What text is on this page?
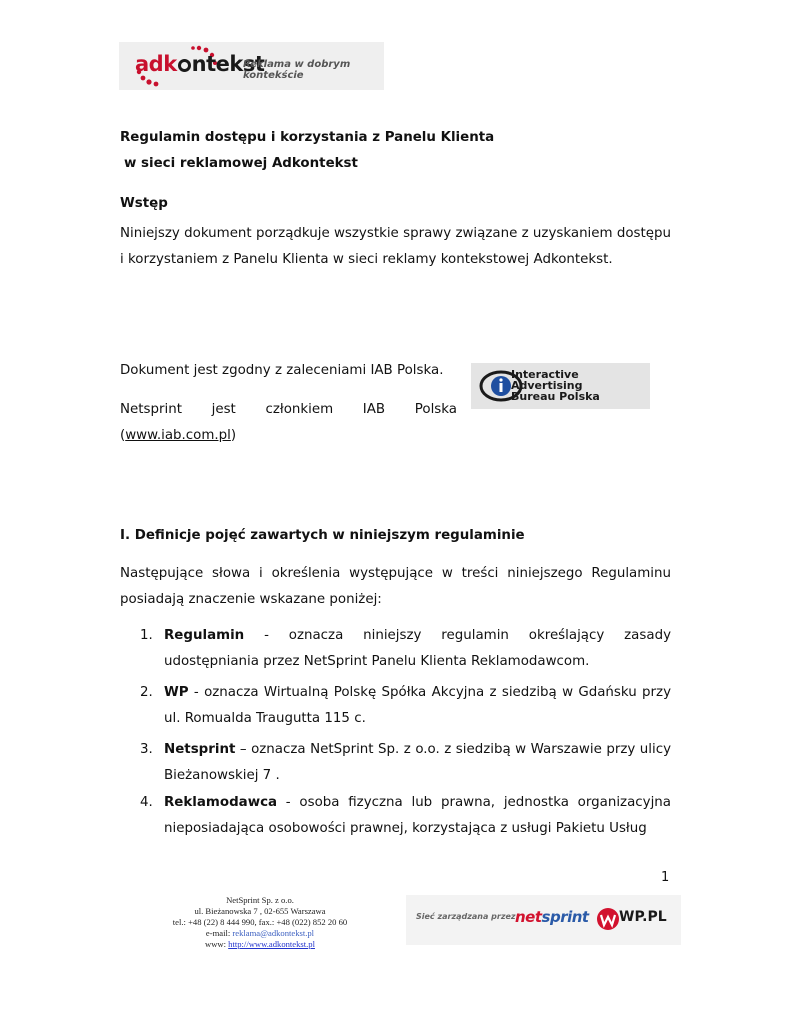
adk ntekst
Reklama w dobrym kontekście
Regulamin dostępu i korzystania z Panelu Klienta
w sieci reklamowej Adkontekst
Wstęp
Niniejszy dokument porządkuje wszystkie sprawy związane z uzyskaniem dostępu i korzystaniem z Panelu Klienta w sieci reklamy kontekstowej Adkontekst.
Dokument jest zgodny z zaleceniami IAB Polska.
Netsprint jest członkiem IAB Polska
(www.iab.com.pl)
Interactive
Advertising
Bureau Polska
I. Definicje pojęć zawartych w niniejszym regulaminie
Następujące słowa i określenia występujące w treści niniejszego Regulaminu posiadają znaczenie wskazane poniżej:
1. Regulamin - oznacza niniejszy regulamin określający zasady udostępniania przez NetSprint Panelu Klienta Reklamodawcom.
2. WP - oznacza Wirtualną Polskę Spółka Akcyjna z siedzibą w Gdańsku przy ul. Romualda Traugutta 115 c.
3. Netsprint – oznacza NetSprint Sp. z o.o. z siedzibą w Warszawie przy ulicy Bieżanowskiej 7 .
4. Reklamodawca - osoba fizyczna lub prawna, jednostka organizacyjna nieposiadająca osobowości prawnej, korzystająca z usługi Pakietu Usług
1
NetSprint Sp. z o.o.
ul. Bieżanowska 7 , 02-655 Warszawa
tel.: +48 (22) 8 444 990, fax.: +48 (022) 852 20 60
e-mail: reklama@adkontekst.pl
www: http://www.adkontekst.pl
Sieć zarządzana przez netsprint WP.PL
